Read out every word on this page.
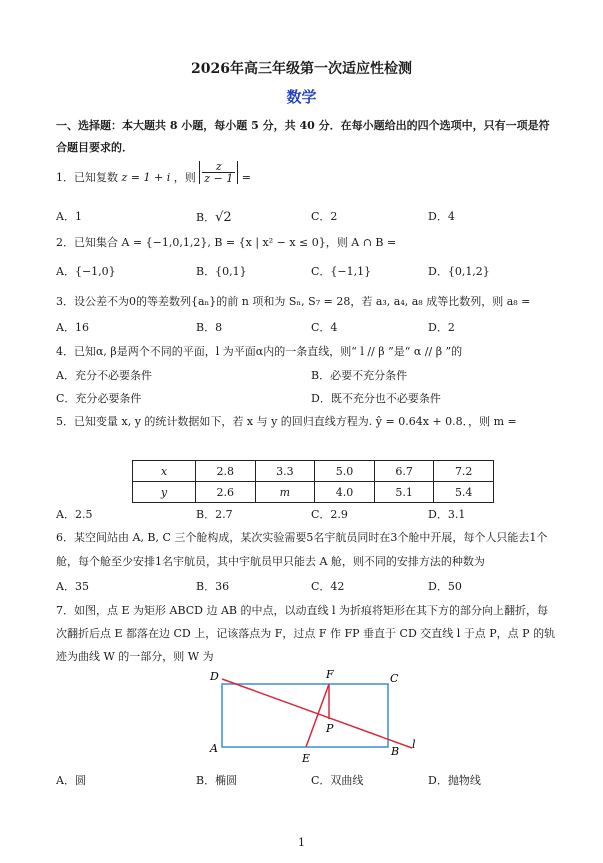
2026年高三年级第一次适应性检测
数学
一、选择题：本大题共 8 小题，每小题 5 分，共 40 分．在每小题给出的四个选项中，只有一项是符
合题目要求的．
1．已知复数 z = 1 + i ，则 $\frac{z}{z - 1}$ =
A．1	B．√2	C．2	D．4
2．已知集合 A = {−1,0,1,2}, B = {x | x² − x ≤ 0}，则 A ∩ B =
A．{−1,0}	B．{0,1}	C．{−1,1}	D．{0,1,2}
3．设公差不为0的等差数列{aₙ}的前 n 项和为 Sₙ, S₇ = 28，若 a₃, a₄, a₈ 成等比数列，则 a₈ =
A．16	B．8	C．4	D．2
4．已知α, β是两个不同的平面，l 为平面α内的一条直线，则“ l // β ”是“ α // β ”的
A．充分不必要条件	B．必要不充分条件
C．充分必要条件	D．既不充分也不必要条件
5．已知变量 x, y 的统计数据如下，若 x 与 y 的回归直线方程为. ŷ = 0.64x + 0.8．，则 m =
x	2.8	3.3	5.0	6.7	7.2
y	2.6	m	4.0	5.1	5.4
A．2.5	B．2.7	C．2.9	D．3.1
6．某空间站由 A, B, C 三个舱构成，某次实验需要5名宇航员同时在3个舱中开展，每个人只能去1个
舱，每个舱至少安排1名宇航员，其中宇航员甲只能去 A 舱，则不同的安排方法的种数为
A．35	B．36	C．42	D．50
7．如图，点 E 为矩形 ABCD 边 AB 的中点，以动直线 l 为折痕将矩形在其下方的部分向上翻折，每
次翻折后点 E 都落在边 CD 上，记该落点为 F，过点 F 作 FP 垂直于 CD 交直线 l 于点 P，点 P 的轨
迹为曲线 W 的一部分，则 W 为
D	C
A	B
F
P
E
l
A．圆	B．椭圆	C．双曲线	D．抛物线
1
